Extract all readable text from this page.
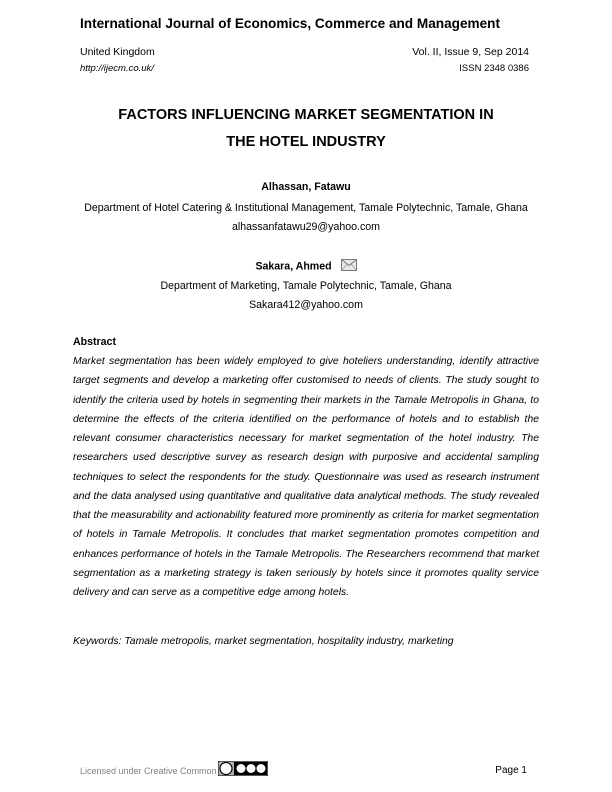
International Journal of Economics, Commerce and Management
United Kingdom	Vol. II, Issue 9, Sep 2014
http://ijecm.co.uk/	ISSN 2348 0386
FACTORS INFLUENCING MARKET SEGMENTATION IN
THE HOTEL INDUSTRY
Alhassan, Fatawu
Department of Hotel Catering & Institutional Management, Tamale Polytechnic, Tamale, Ghana
alhassanfatawu29@yahoo.com
Sakara, Ahmed
Department of Marketing, Tamale Polytechnic, Tamale, Ghana
Sakara412@yahoo.com
Abstract

Market segmentation has been widely employed to give hoteliers understanding, identify attractive target segments and develop a marketing offer customised to needs of clients. The study sought to identify the criteria used by hotels in segmenting their markets in the Tamale Metropolis in Ghana, to determine the effects of the criteria identified on the performance of hotels and to establish the relevant consumer characteristics necessary for market segmentation of the hotel industry. The researchers used descriptive survey as research design with purposive and accidental sampling techniques to select the respondents for the study. Questionnaire was used as research instrument and the data analysed using quantitative and qualitative data analytical methods. The study revealed that the measurability and actionability featured more prominently as criteria for market segmentation of hotels in Tamale Metropolis. It concludes that market segmentation promotes competition and enhances performance of hotels in the Tamale Metropolis. The Researchers recommend that market segmentation as a marketing strategy is taken seriously by hotels since it promotes quality service delivery and can serve as a competitive edge among hotels.

Keywords: Tamale metropolis, market segmentation, hospitality industry, marketing
Licensed under Creative Common	Page 1
